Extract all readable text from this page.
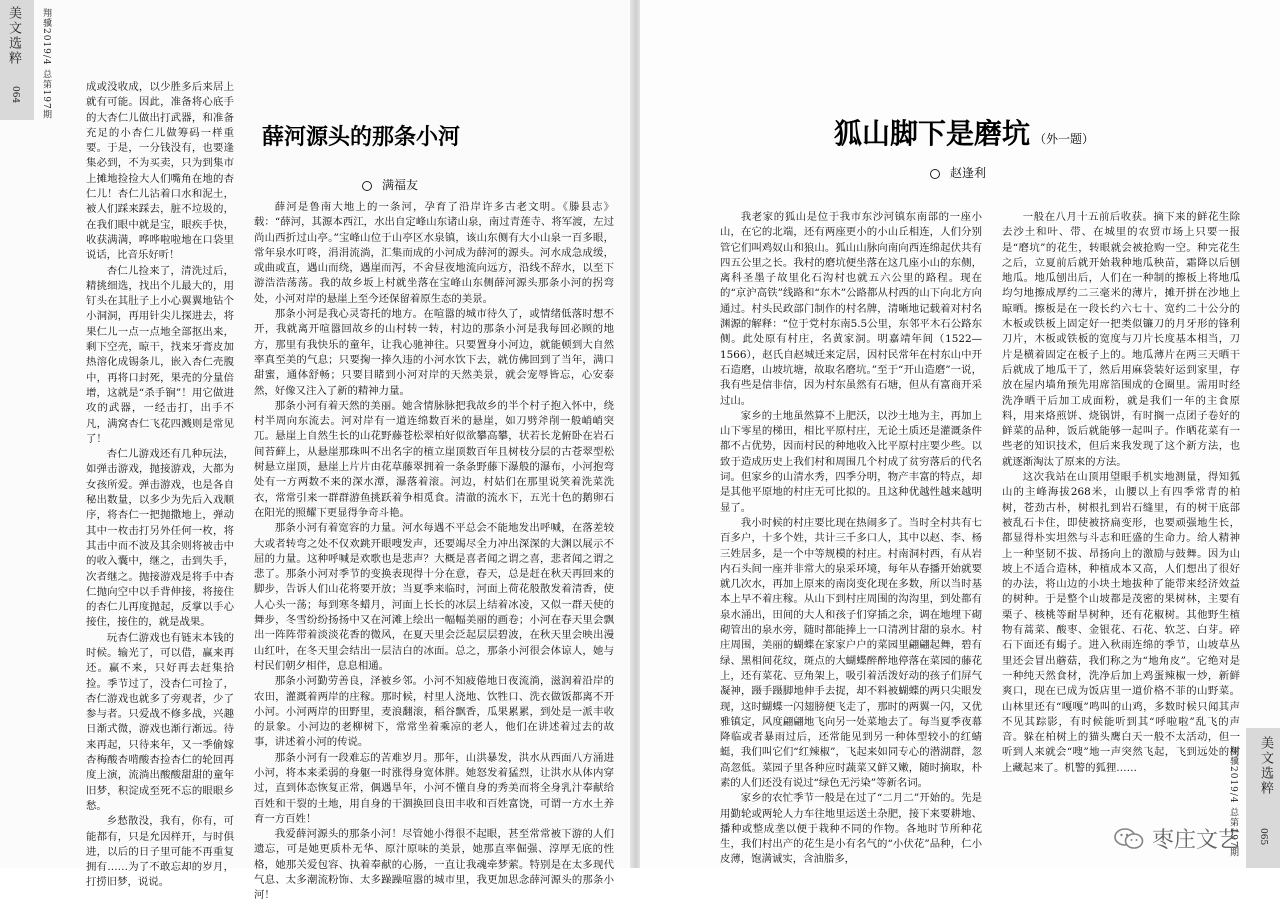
美文选粹
064 翔骥2019/4 总第197期	成或没收成，以少胜多后来居上就有可能。因此，准备将心底手的大杏仁儿做出打武器，和准备充足的小杏仁儿做筹码一样重要。于是，一分钱没有，也要逢集必到，不为买卖，只为到集市上摊地捡捡大人们嘴角在地的杏仁儿！杏仁儿沾着口水和泥土，被人们踩来踩去，脏不垃圾的，在我们眼中就是宝，眼疾手快，收获满满，哗哗啦啦地在口袋里说话，比音乐好听！

杏仁儿捡来了，清洗过后，精挑细选，找出个儿最大的，用钉头在其肚子上小心翼翼地钻个小洞洞，再用针尖儿探进去，将果仁儿一点一点地全部抠出来，剩下空壳，晾干，找来牙膏皮加热溶化成锡条儿，嵌入杏仁壳腹中，再将口封死，果壳的分量倍增，这就是“杀手锏”！用它做进攻的武器，一经击打，出手不凡，满窝杏仁飞花四溅则是常见了！

杏仁儿游戏还有几种玩法，如弹击游戏，抛接游戏，大都为女孩所爱。弹击游戏，也是各自秘出数量，以多少为先后入戏顺序，将杏仁一把抛撒地上，弹动其中一枚击打另外任何一枚，将其击中而不波及其余则将被击中的收入囊中，继之，击到失手，次者继之。抛接游戏是将手中杏仁抛向空中以手背伸接，将接住的杏仁儿再度抛起，反掌以手心接住，接住的，就是战果。

玩杏仁游戏也有链末本钱的时候。输光了，可以借，赢来再还。赢不来，只好再去赶集拾捡。季节过了，没杏仁可捡了，杏仁游戏也就多了旁观者，少了参与者。只爱战不修多战，兴趣日渐式微，游戏也渐行渐远。待来再起，只待来年，又一季偷嫁杏梅酸杏啃酸杏捡杏仁的轮回再度上演，流淌出酸酸甜甜的童年旧梦，积淀成至死不忘的眼眼乡愁。

乡愁散没，我有，你有，可能都有，只是允因样开，与时俱进，以后的日子里可能不再重复拥有……为了不敢忘却的岁月，打捞旧梦，说说。

薛河源头的那条小河
满福友

薛河是鲁南大地上的一条河，孕育了沿岸许多古老文明。《滕县志》载：“薛河，其源本西江，水出自定峰山东诸山泉，南过青莲寺、将军渡，左过尚山西折过山亭。”宝峰山位于山亭区水泉镇，该山东侧有大小山泉一百多眼，常年泉水叮咚，涓涓流淌，汇集而成的小河成为薛河的源头。河水成急成缓，或曲或直，遇山而绕，遇崖而泻，不舍昼夜地流向远方，沿线不辞水，以至下游浩浩荡荡。我的故乡坂上村就坐落在宝峰山东侧薛河源头那条小河的拐弯处，小河对岸的悬崖上至今还保留着原生态的美景。

那条小河是我心灵寄托的地方。在喧嚣的城市待久了，或情绪低落时想不开，我就离开喧嚣回故乡的山村转一转，村边的那条小河是我每回必顾的地方，那里有我快乐的童年，让我心驰神往。只要置身小河边，就能顿到大自然率真至美的气息；只要掬一捧久违的小河水饮下去，就仿佛回到了当年，满口甜蜜，通体舒畅；只要目睹到小河对岸的天然美景，就会宠辱皆忘，心安泰然，好像又注入了新的精神力量。

那条小河有着天然的美丽。她含情脉脉把我故乡的半个村子抱入怀中，绕村半周向东流去。河对岸有一道连绵数百米的悬崖，如刀劈斧削一般峭峭突兀。悬崖上自然生长的山花野藤苍松翠柏好似欲攀高攀，状若长龙俯卧在岩石间苔藓上，从悬崖那珠叫不出名字的植立崖顶数百年且树枝分层的古苍翠型松树悬立崖顶，悬崖上片片由花草藤翠拥着一条条野藤下瀑般的瀑布，小河抱弯处有一方两数不来的深水潭，瀑落着滚。河边，村姑们在那里说笑着洗菜洗衣，常常引来一群群游鱼挑跃着争相觅食。清澈的流水下，五光十色的鹅卵石在阳光的照耀下更显得争奇斗艳。

那条小河有着宽容的力量。河水每遇不平总会不能地发出呼喊，在落差较大或者转弯之处不仅欢跳开眼嗖发声，还要竭尽全力冲出深深的大渊以展示不屈的力量。这种呼喊是欢歌也是悲声？大概是喜者闻之谓之喜，悲者闻之谓之悲了。那条小河对季节的变换表现得十分在意，春天，总是赶在秋天再回来的脚步，告诉人们山花将要开放；当夏季来临时，河面上荷花般散发着清香，使人心头一荡；每到寒冬蜡月，河面上长长的冰层上结着冰凌，又似一群天使的舞步，冬雪纷纷扬扬中又在河滩上绘出一幅幅美丽的画卷；小河在春天里会飘出一阵阵带着淡淡花香的微风，在夏天里会泛起层层碧波，在秋天里会映出漫山红叶，在冬天里会结出一层洁白的冰面。总之，那条小河很会体谅人，她与村民们朝夕相伴，息息相通。

那条小河勤劳善良，泽被乡邻。小河不知疲倦地日夜流淌，滋润着沿岸的农田，灌溉着两岸的庄稼。那时候，村里人浇地、饮牲口、洗衣做饭都离不开小河。小河两岸的田野里，麦浪翻滚，稻谷飘香，瓜果累累，到处是一派丰收的景象。小河边的老柳树下，常常坐着乘凉的老人，他们在讲述着过去的故事，讲述着小河的传说。

那条小河有一段难忘的苦难岁月。那年，山洪暴发，洪水从西面八方涌进小河，将本来柔弱的身躯一时涨得身宽体胖。她怒发着猛烈，让洪水从体内穿过，直到体态恢复正常，偶遇旱年，小河不懂自身的秀美而将全身乳汁奉献给百姓和干裂的土地，用自身的干涸换回良田丰收和百姓富饶，可谓一方水土养育一方百姓！

我爱薛河源头的那条小河！尽管她小得很不起眼，甚至常常被下游的人们遗忘，可是她更质朴无华、原汁原味的美景，她那直率倔强、淳厚无底的性格，她那关爱包容、执着奉献的心肠，一直让我魂牵梦萦。特别是在太多现代气息、太多潮流粉饰、太多躁躁喧嚣的城市里，我更加思念薛河源头的那条小河！

狐山脚下是磨坑 （外一题）
赵逢利

我老家的狐山是位于我市东沙河镇东南部的一座小山，在它的北端，还有两座更小的小山丘相连，人们分别管它们叫鸡奴山和狼山。狐山山脉向南向西连绵起伏共有四五公里之长。我村的磨坑便坐落在这几座小山的东侧，离科圣墨子故里化石沟村也就五六公里的路程。现在的“京沪高铁”线路和“东木”公路都从村西的山下向北方向通过。村头民政部门制作的村名牌，清晰地记载着对村名渊源的解释：“位于党村东南5.5公里，东邻平木石公路东侧。此处原有村庄，名黄家洞。明嘉靖年间（1522—1566），赵氏自赵城迁来定居，因村民常年在村东山中开石造磨，山坡坑塘，故取名磨坑。”至于“开山造磨”一说，我有些是信非信，因为村东虽然有石塘，但从有富商开采过山。

家乡的土地虽然算不上肥沃，以沙土地为主，再加上山下零星的梯田，相比平原村庄，无论土质还是灌溉条件都不占优势，因而村民的种地收入比平原村庄要少些。以致于造成历史上我们村和周围几个村成了贫穷落后的代名词。但家乡的山清水秀，四季分明，物产丰富的特点，却是其他平原地的村庄无可比拟的。且这种优越性越来越明显了。

我小时候的村庄要比现在热闹多了。当时全村共有七百多户，十多个姓，共计三千多口人，其中以赵、李、杨三姓居多，是一个中等规模的村庄。村南洞村西，有从岩内石头间一座并非常大的泉采环境，每年从春播开始就要就几次水，再加上原来的南岗变化现在多数，所以当时基本上早不着庄稼。从山下到村庄周围的沟沟里，到处都有泉水涌出，田间的大人和孩子们穿插之余，调在地埋下砌砌管出的泉水旁，随时都能捧上一口清冽甘甜的泉水。村庄周围，美丽的蝴蝶在家家户户的菜园里翩翩起舞，碧有绿、黑相间花纹，斑点的大蝴蝶醉醉地停落在菜园的藤花上，还有菜花、豆角架上，吸引着活泼好动的孩子们屏气凝神，蹑手蹑脚地伸手去捉，却不料被蝴蝶的两只尖眼发现，这时蝴蝶一闪翅膀便飞走了，那时的两翼一闪，又优雅镇定，风度翩翩地飞向另一处菜地去了。每当夏季夜幕降临或者暴雨过后，还常能见到另一种体型较小的红蜻蜓，我们叫它们“红辣椒”，飞起来如同专心的潜湖群，忽高忽低。菜园子里各种应时蔬菜又鲜又嫩，随时摘取，朴素的人们还没有说过“绿色无污染”等新名词。

家乡的农忙季节一般是在过了“二月二”开始的。先是用勤轮或两轮人力车往地里运送土杂肥，接下来要耕地、播种或整成垄以便于栽种不同的作物。各地时节所种花生，我们村出产的花生是小有名气的“小伏花”品种，仁小皮薄，饱满诚实，含油脂多，

一般在八月十五前后收获。摘下来的鲜花生除去沙土和叶、带、在城里的农贸市场上只要一报是“磨坑”的花生，转眼就会被抢购一空。种完花生之后，立夏前后就开始栽种地瓜秧苗，霜降以后刨地瓜。地瓜刨出后，人们在一种制的擦板上将地瓜均匀地擦成厚约二三毫米的薄片，摊开拼在沙地上晾晒。擦板是在一段长约六七十、宽约二十公分的木板或铁板上固定好一把类似镰刀的月牙形的锋利刀片，木板或铁板的宽度与刀片长度基本相当，刀片是横着固定在板子上的。地瓜薄片在两三天晒干后就成了地瓜干了，然后用麻袋装好运到家里，存放在屋内墙角预先用席箔围成的仓圈里。需用时经洗净晒干后加工成面粉，就是我们一年的主食原料，用来烙煎饼、烧锅饼，有时搁一点团子卷好的鲜菜的品种，饭后就能够一起叫子。作晒花菜有一些老的知识技术，但后来我发现了这个新方法，也就逐渐淘汰了原来的方法。

这次我站在山顶用望眼手机实地测量，得知狐山的主峰海拔268米，山腰以上有四季常青的柏树，苍劲古朴，树根扎到岩石缝里，有的树干底部被乱石卡住，即使被挤扁变形，也要顽强地生长，都显得朴实坦然与斗志和旺盛的生命力。给人精神上一种坚韧不拔、昂扬向上的激励与鼓舞。因为山坡上不适合造林，种植成本又高，人们想出了很好的办法，将山边的小块土地拔种了能带来经济效益的树种。于是整个山坡都是茂密的果树林，主要有栗子、核桃等耐旱树种，还有花椒树。其他野生植物有蒿菜、酸枣、金银花、石花、软芝、白芽。碎石下面还有蝎子。进入秋雨连绵的季节，山坡草丛里还会冒出蘑菇，我们称之为“地角皮”。它绝对是一种纯天然食材，洗净后加上鸡蛋辣椒一炒，新鲜爽口，现在已成为饭店里一道价格不菲的山野菜。山林里还有“嘎嘎”鸣叫的山鸡，多数时候只闻其声不见其踪影，有时候能听到其“呼啦啦”乱飞的声音。躲在柏树上的猫头鹰白天一般不太活动，但一听到人来就会“嗖”地一声突然飞起，飞到远处的树上藏起来了。机警的狐狸……	翔骥2019/4 总第197期 美文选粹
065
枣庄文艺
